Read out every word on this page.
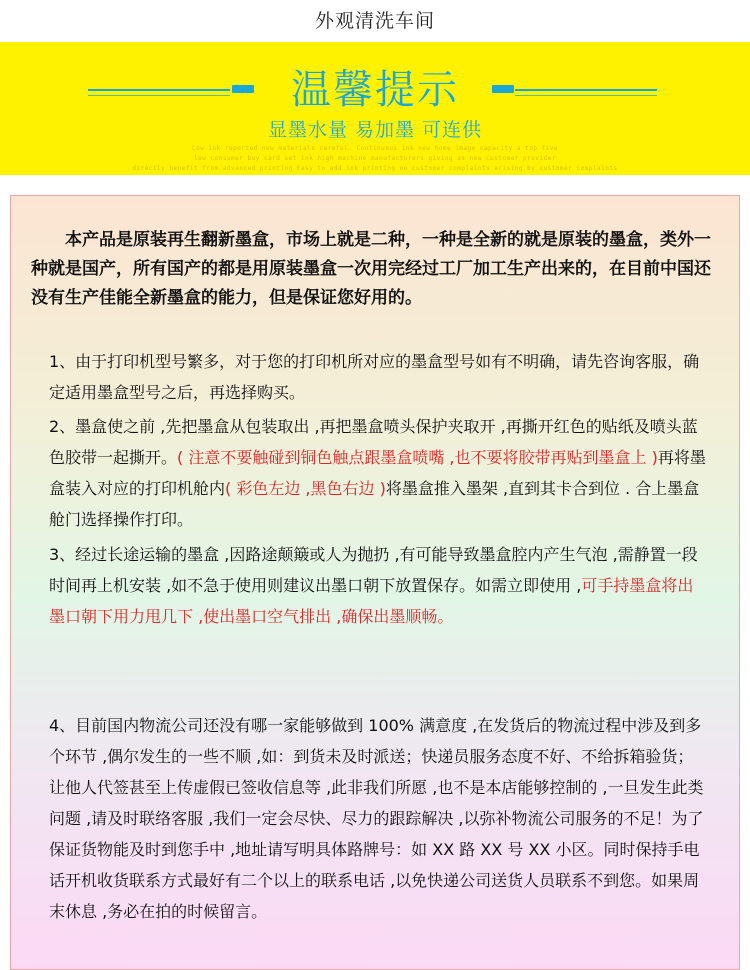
外观清洗车间
温馨提示
显墨水量 易加墨 可连供
Low ink reported new materials careful. Continuous ink new home image capacity a top five
low consumer buy card set ink high machine manufacturers giving as new customer provider
directly benefit from advanced printing Easy to add ink printing on customer complaints arising by customer complaints
本产品是原装再生翻新墨盒，市场上就是二种，一种是全新的就是原装的墨盒，类外一种就是国产，所有国产的都是用原装墨盒一次用完经过工厂加工生产出来的，在目前中国还没有生产佳能全新墨盒的能力，但是保证您好用的。
1、由于打印机型号繁多，对于您的打印机所对应的墨盒型号如有不明确，请先咨询客服，确定适用墨盒型号之后，再选择购买。
2、墨盒使之前 ,先把墨盒从包装取出 ,再把墨盒喷头保护夹取开 ,再撕开红色的贴纸及喷头蓝色胶带一起撕开。( 注意不要触碰到铜色触点跟墨盒喷嘴 ,也不要将胶带再贴到墨盒上 )再将墨盒装入对应的打印机舱内( 彩色左边 ,黑色右边 )将墨盒推入墨架 ,直到其卡合到位 . 合上墨盒舱门选择操作打印。
3、经过长途运输的墨盒 ,因路途颠簸或人为抛扔 ,有可能导致墨盒腔内产生气泡 ,需静置一段时间再上机安装 ,如不急于使用则建议出墨口朝下放置保存。如需立即使用 ,可手持墨盒将出墨口朝下用力甩几下 ,使出墨口空气排出 ,确保出墨顺畅。
4、目前国内物流公司还没有哪一家能够做到 100% 满意度 ,在发货后的物流过程中涉及到多个环节 ,偶尔发生的一些不顺 ,如：到货未及时派送；快递员服务态度不好、不给拆箱验货；让他人代签甚至上传虚假已签收信息等 ,此非我们所愿 ,也不是本店能够控制的 ,一旦发生此类问题 ,请及时联络客服 ,我们一定会尽快、尽力的跟踪解决 ,以弥补物流公司服务的不足！为了保证货物能及时到您手中 ,地址请写明具体路牌号：如 XX 路 XX 号 XX 小区。同时保持手电话开机收货联系方式最好有二个以上的联系电话 ,以免快递公司送货人员联系不到您。如果周末休息 ,务必在拍的时候留言。
